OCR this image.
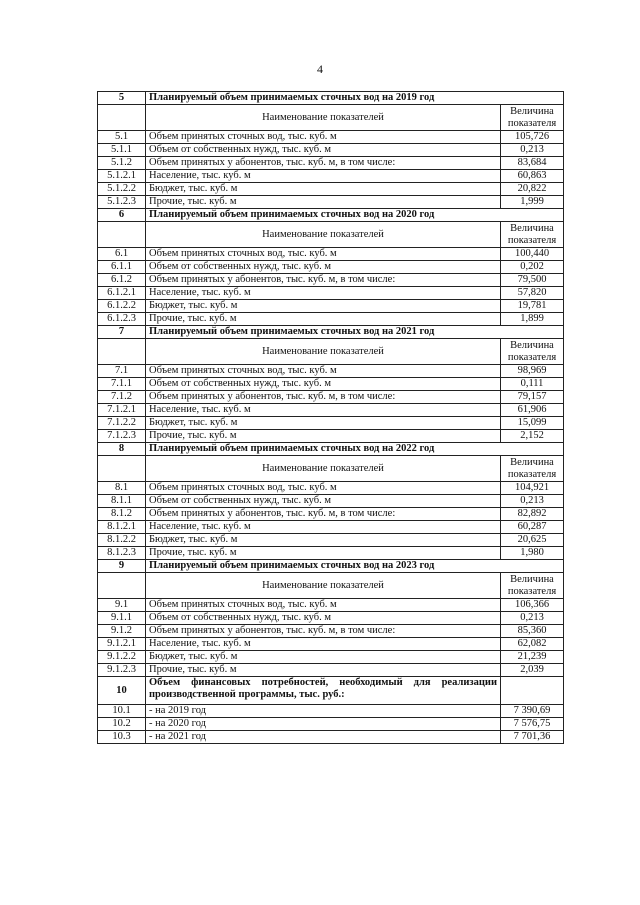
4
5	Планируемый объем принимаемых сточных вод на 2019 год	
	Наименование показателей	Величина показателя
5.1	Объем принятых сточных вод, тыс. куб. м	105,726
5.1.1	Объем от собственных нужд, тыс. куб. м	0,213
5.1.2	Объем принятых у абонентов, тыс. куб. м, в том числе:	83,684
5.1.2.1	Население, тыс. куб. м	60,863
5.1.2.2	Бюджет, тыс. куб. м	20,822
5.1.2.3	Прочие, тыс. куб. м	1,999
6	Планируемый объем принимаемых сточных вод на 2020 год	
	Наименование показателей	Величина показателя
6.1	Объем принятых сточных вод, тыс. куб. м	100,440
6.1.1	Объем от собственных нужд, тыс. куб. м	0,202
6.1.2	Объем принятых у абонентов, тыс. куб. м, в том числе:	79,500
6.1.2.1	Население, тыс. куб. м	57,820
6.1.2.2	Бюджет, тыс. куб. м	19,781
6.1.2.3	Прочие, тыс. куб. м	1,899
7	Планируемый объем принимаемых сточных вод на 2021 год	
	Наименование показателей	Величина показателя
7.1	Объем принятых сточных вод, тыс. куб. м	98,969
7.1.1	Объем от собственных нужд, тыс. куб. м	0,111
7.1.2	Объем принятых у абонентов, тыс. куб. м, в том числе:	79,157
7.1.2.1	Население, тыс. куб. м	61,906
7.1.2.2	Бюджет, тыс. куб. м	15,099
7.1.2.3	Прочие, тыс. куб. м	2,152
8	Планируемый объем принимаемых сточных вод на 2022 год	
	Наименование показателей	Величина показателя
8.1	Объем принятых сточных вод, тыс. куб. м	104,921
8.1.1	Объем от собственных нужд, тыс. куб. м	0,213
8.1.2	Объем принятых у абонентов, тыс. куб. м, в том числе:	82,892
8.1.2.1	Население, тыс. куб. м	60,287
8.1.2.2	Бюджет, тыс. куб. м	20,625
8.1.2.3	Прочие, тыс. куб. м	1,980
9	Планируемый объем принимаемых сточных вод на 2023 год	
	Наименование показателей	Величина показателя
9.1	Объем принятых сточных вод, тыс. куб. м	106,366
9.1.1	Объем от собственных нужд, тыс. куб. м	0,213
9.1.2	Объем принятых у абонентов, тыс. куб. м, в том числе:	85,360
9.1.2.1	Население, тыс. куб. м	62,082
9.1.2.2	Бюджет, тыс. куб. м	21,239
9.1.2.3	Прочие, тыс. куб. м	2,039
10	Объем финансовых потребностей, необходимый для реализации производственной программы, тыс. руб.:	
10.1	- на 2019 год	7 390,69
10.2	- на 2020 год	7 576,75
10.3	- на 2021 год	7 701,36
